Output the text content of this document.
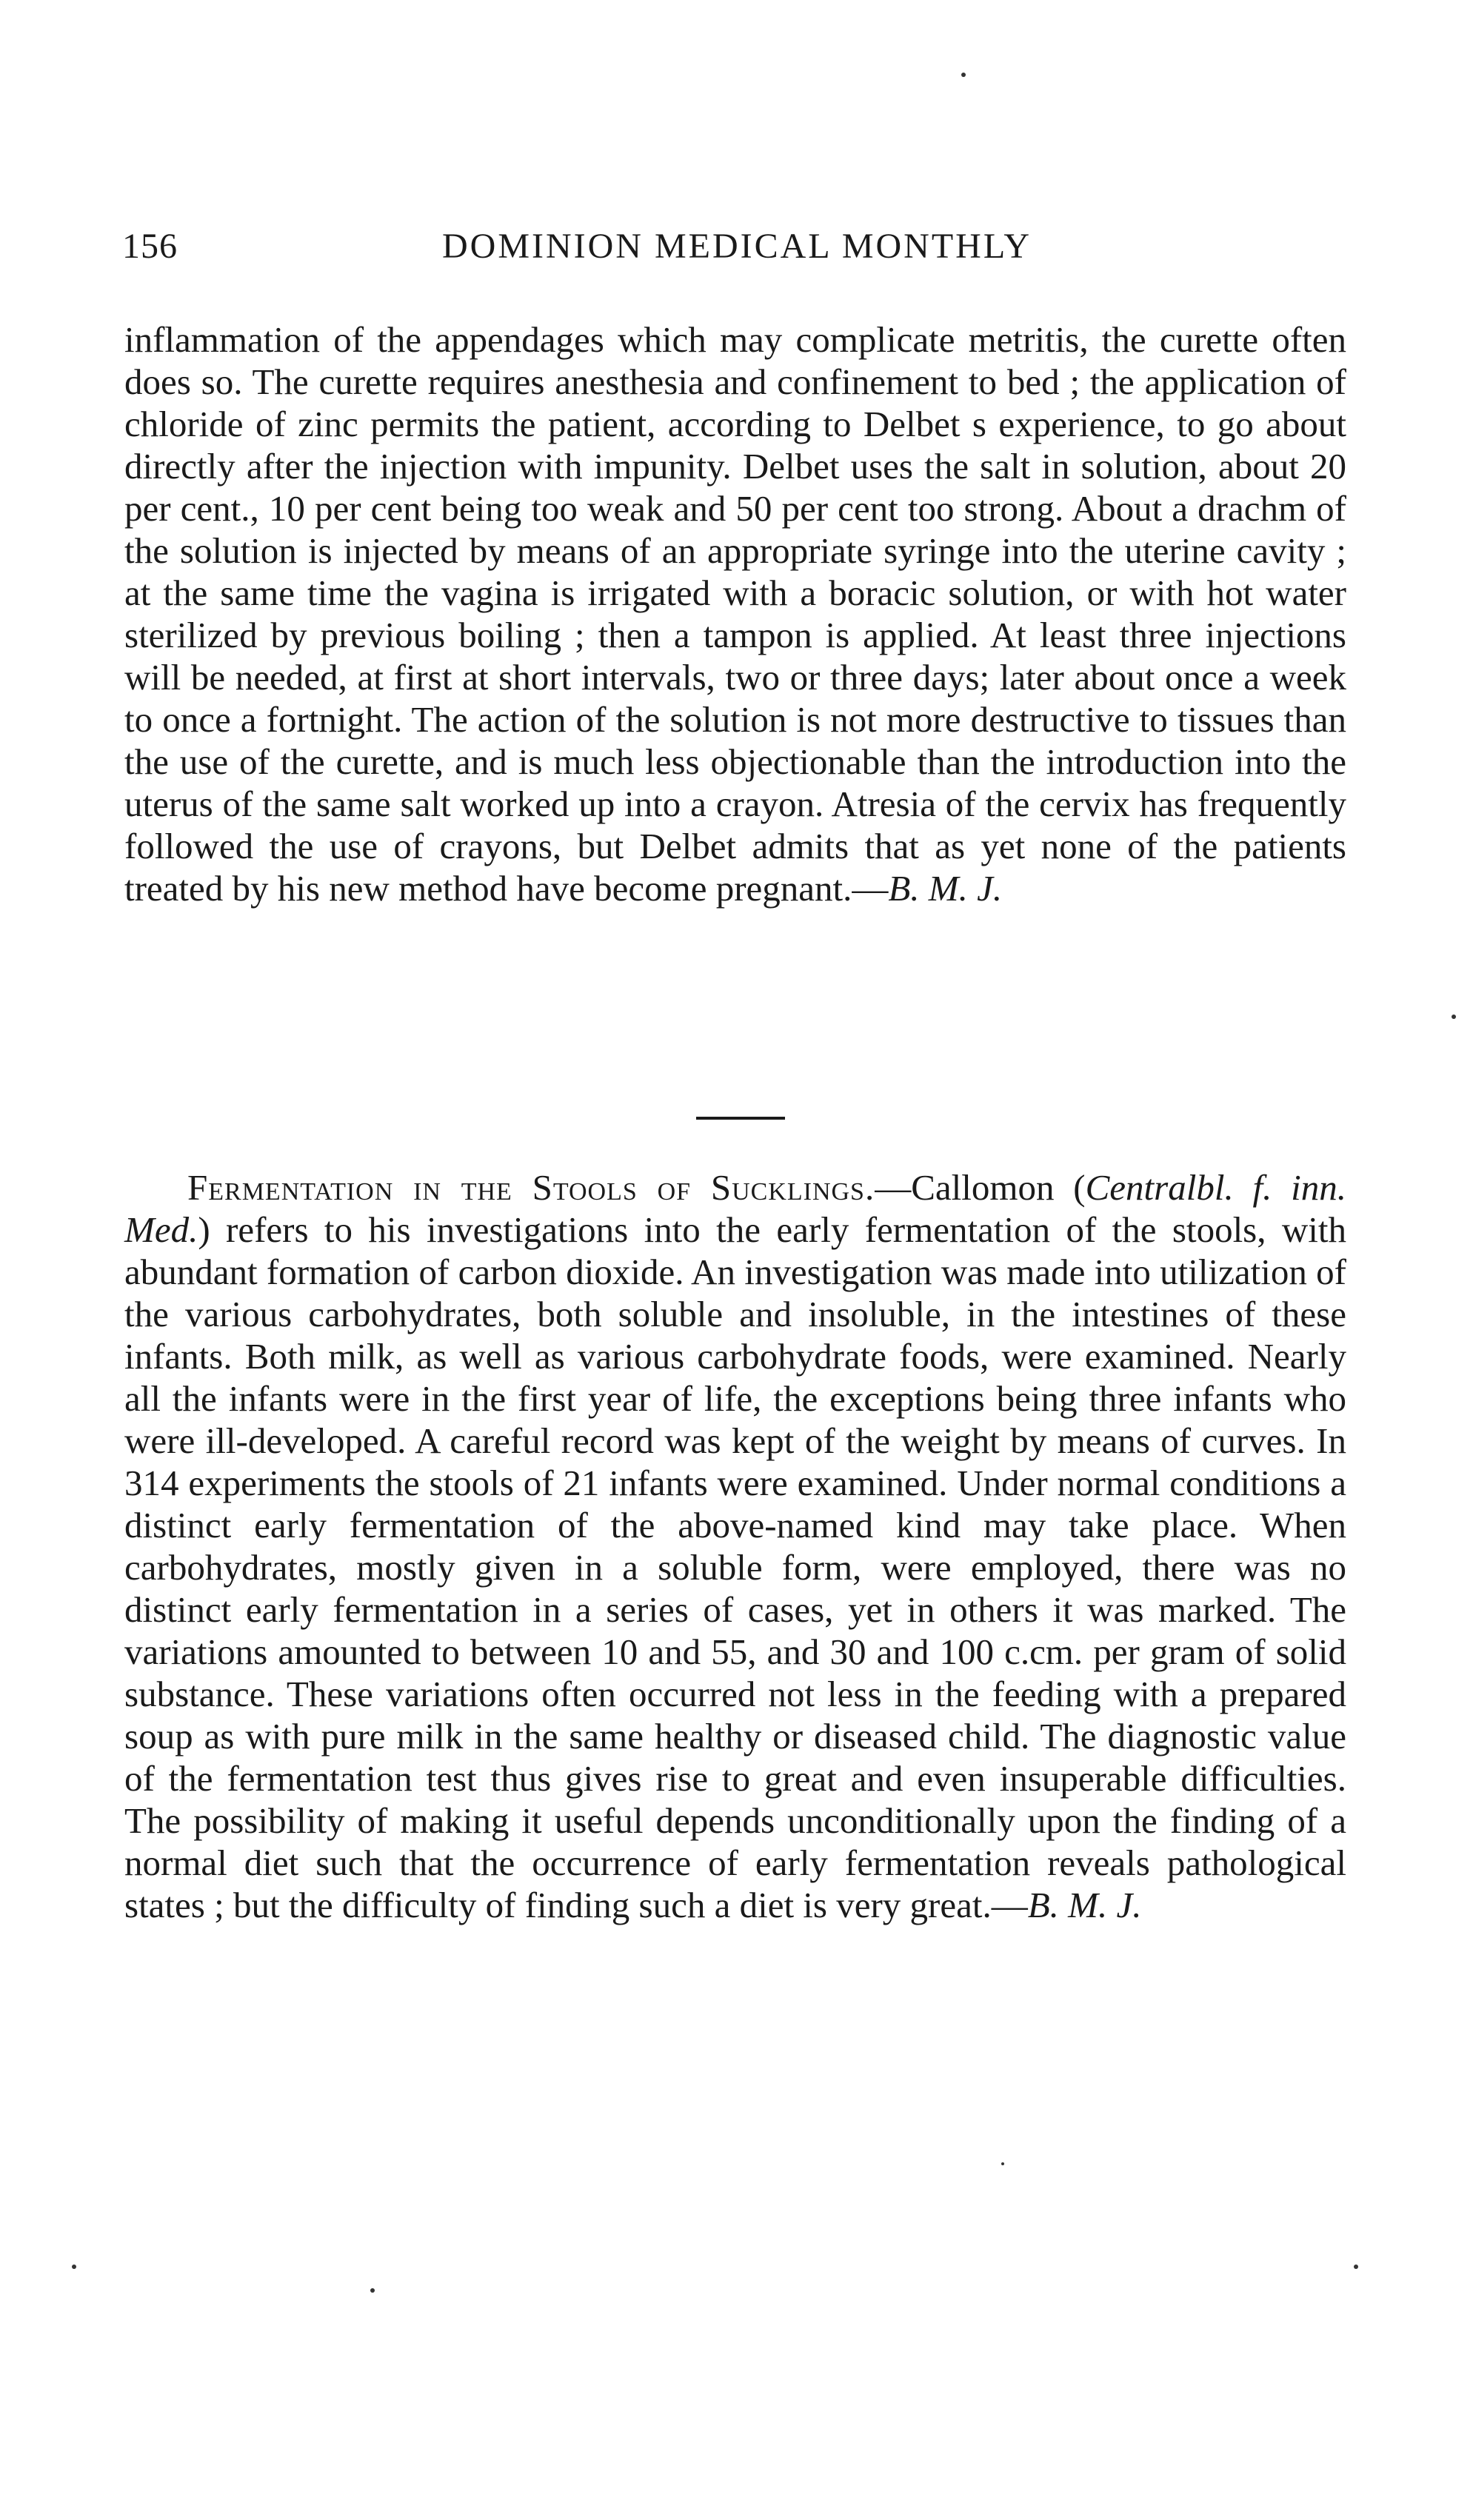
156	DOMINION MEDICAL MONTHLY

inflammation of the appendages which may complicate metritis, the curette often does so. The curette requires anesthesia and confinement to bed ; the application of chloride of zinc permits the patient, according to Delbet s experience, to go about directly after the injection with impunity. Delbet uses the salt in solution, about 20 per cent., 10 per cent being too weak and 50 per cent too strong. About a drachm of the solution is injected by means of an appropriate syringe into the uterine cavity ; at the same time the vagina is irrigated with a boracic solution, or with hot water sterilized by previous boiling ; then a tampon is applied. At least three injections will be needed, at first at short intervals, two or three days; later about once a week to once a fortnight. The action of the solution is not more destructive to tissues than the use of the curette, and is much less objectionable than the introduction into the uterus of the same salt worked up into a crayon. Atresia of the cervix has frequently followed the use of crayons, but Delbet admits that as yet none of the patients treated by his new method have become pregnant.—B. M. J.

Fermentation in the Stools of Sucklings.—Callomon (Centralbl. f. inn. Med.) refers to his investigations into the early fermentation of the stools, with abundant formation of carbon dioxide. An investigation was made into utilization of the various carbohydrates, both soluble and insoluble, in the intestines of these infants. Both milk, as well as various carbohydrate foods, were examined. Nearly all the infants were in the first year of life, the exceptions being three infants who were ill-developed. A careful record was kept of the weight by means of curves. In 314 experiments the stools of 21 infants were examined. Under normal conditions a distinct early fermentation of the above-named kind may take place. When carbohydrates, mostly given in a soluble form, were employed, there was no distinct early fermentation in a series of cases, yet in others it was marked. The variations amounted to between 10 and 55, and 30 and 100 c.cm. per gram of solid substance. These variations often occurred not less in the feeding with a prepared soup as with pure milk in the same healthy or diseased child. The diagnostic value of the fermentation test thus gives rise to great and even insuperable difficulties. The possibility of making it useful depends unconditionally upon the finding of a normal diet such that the occurrence of early fermentation reveals pathological states ; but the difficulty of finding such a diet is very great.—B. M. J.
